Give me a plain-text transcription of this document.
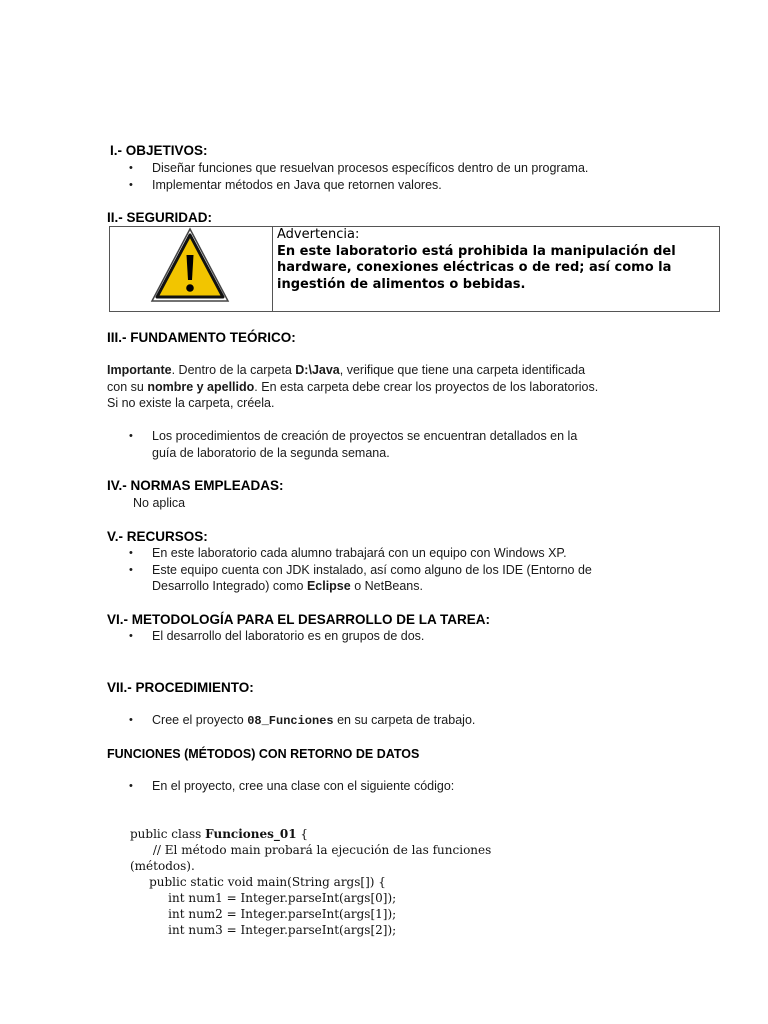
I.- OBJETIVOS:
• Diseñar funciones que resuelvan procesos específicos dentro de un programa.
• Implementar métodos en Java que retornen valores.
II.- SEGURIDAD:
Advertencia:
En este laboratorio está prohibida la manipulación del
hardware, conexiones eléctricas o de red; así como la
ingestión de alimentos o bebidas.
III.- FUNDAMENTO TEÓRICO:
Importante. Dentro de la carpeta D:\Java, verifique que tiene una carpeta identificada
con su nombre y apellido. En esta carpeta debe crear los proyectos de los laboratorios.
Si no existe la carpeta, créela.
• Los procedimientos de creación de proyectos se encuentran detallados en la
guía de laboratorio de la segunda semana.
IV.- NORMAS EMPLEADAS:
No aplica
V.- RECURSOS:
• En este laboratorio cada alumno trabajará con un equipo con Windows XP.
• Este equipo cuenta con JDK instalado, así como alguno de los IDE (Entorno de
Desarrollo Integrado) como Eclipse o NetBeans.
VI.- METODOLOGÍA PARA EL DESARROLLO DE LA TAREA:
• El desarrollo del laboratorio es en grupos de dos.
VII.- PROCEDIMIENTO:
• Cree el proyecto 08_Funciones en su carpeta de trabajo.
FUNCIONES (MÉTODOS) CON RETORNO DE DATOS
• En el proyecto, cree una clase con el siguiente código:

public class Funciones_01 {
// El método main probará la ejecución de las funciones
(métodos).
public static void main(String args[]) {
int num1 = Integer.parseInt(args[0]);
int num2 = Integer.parseInt(args[1]);
int num3 = Integer.parseInt(args[2]);
